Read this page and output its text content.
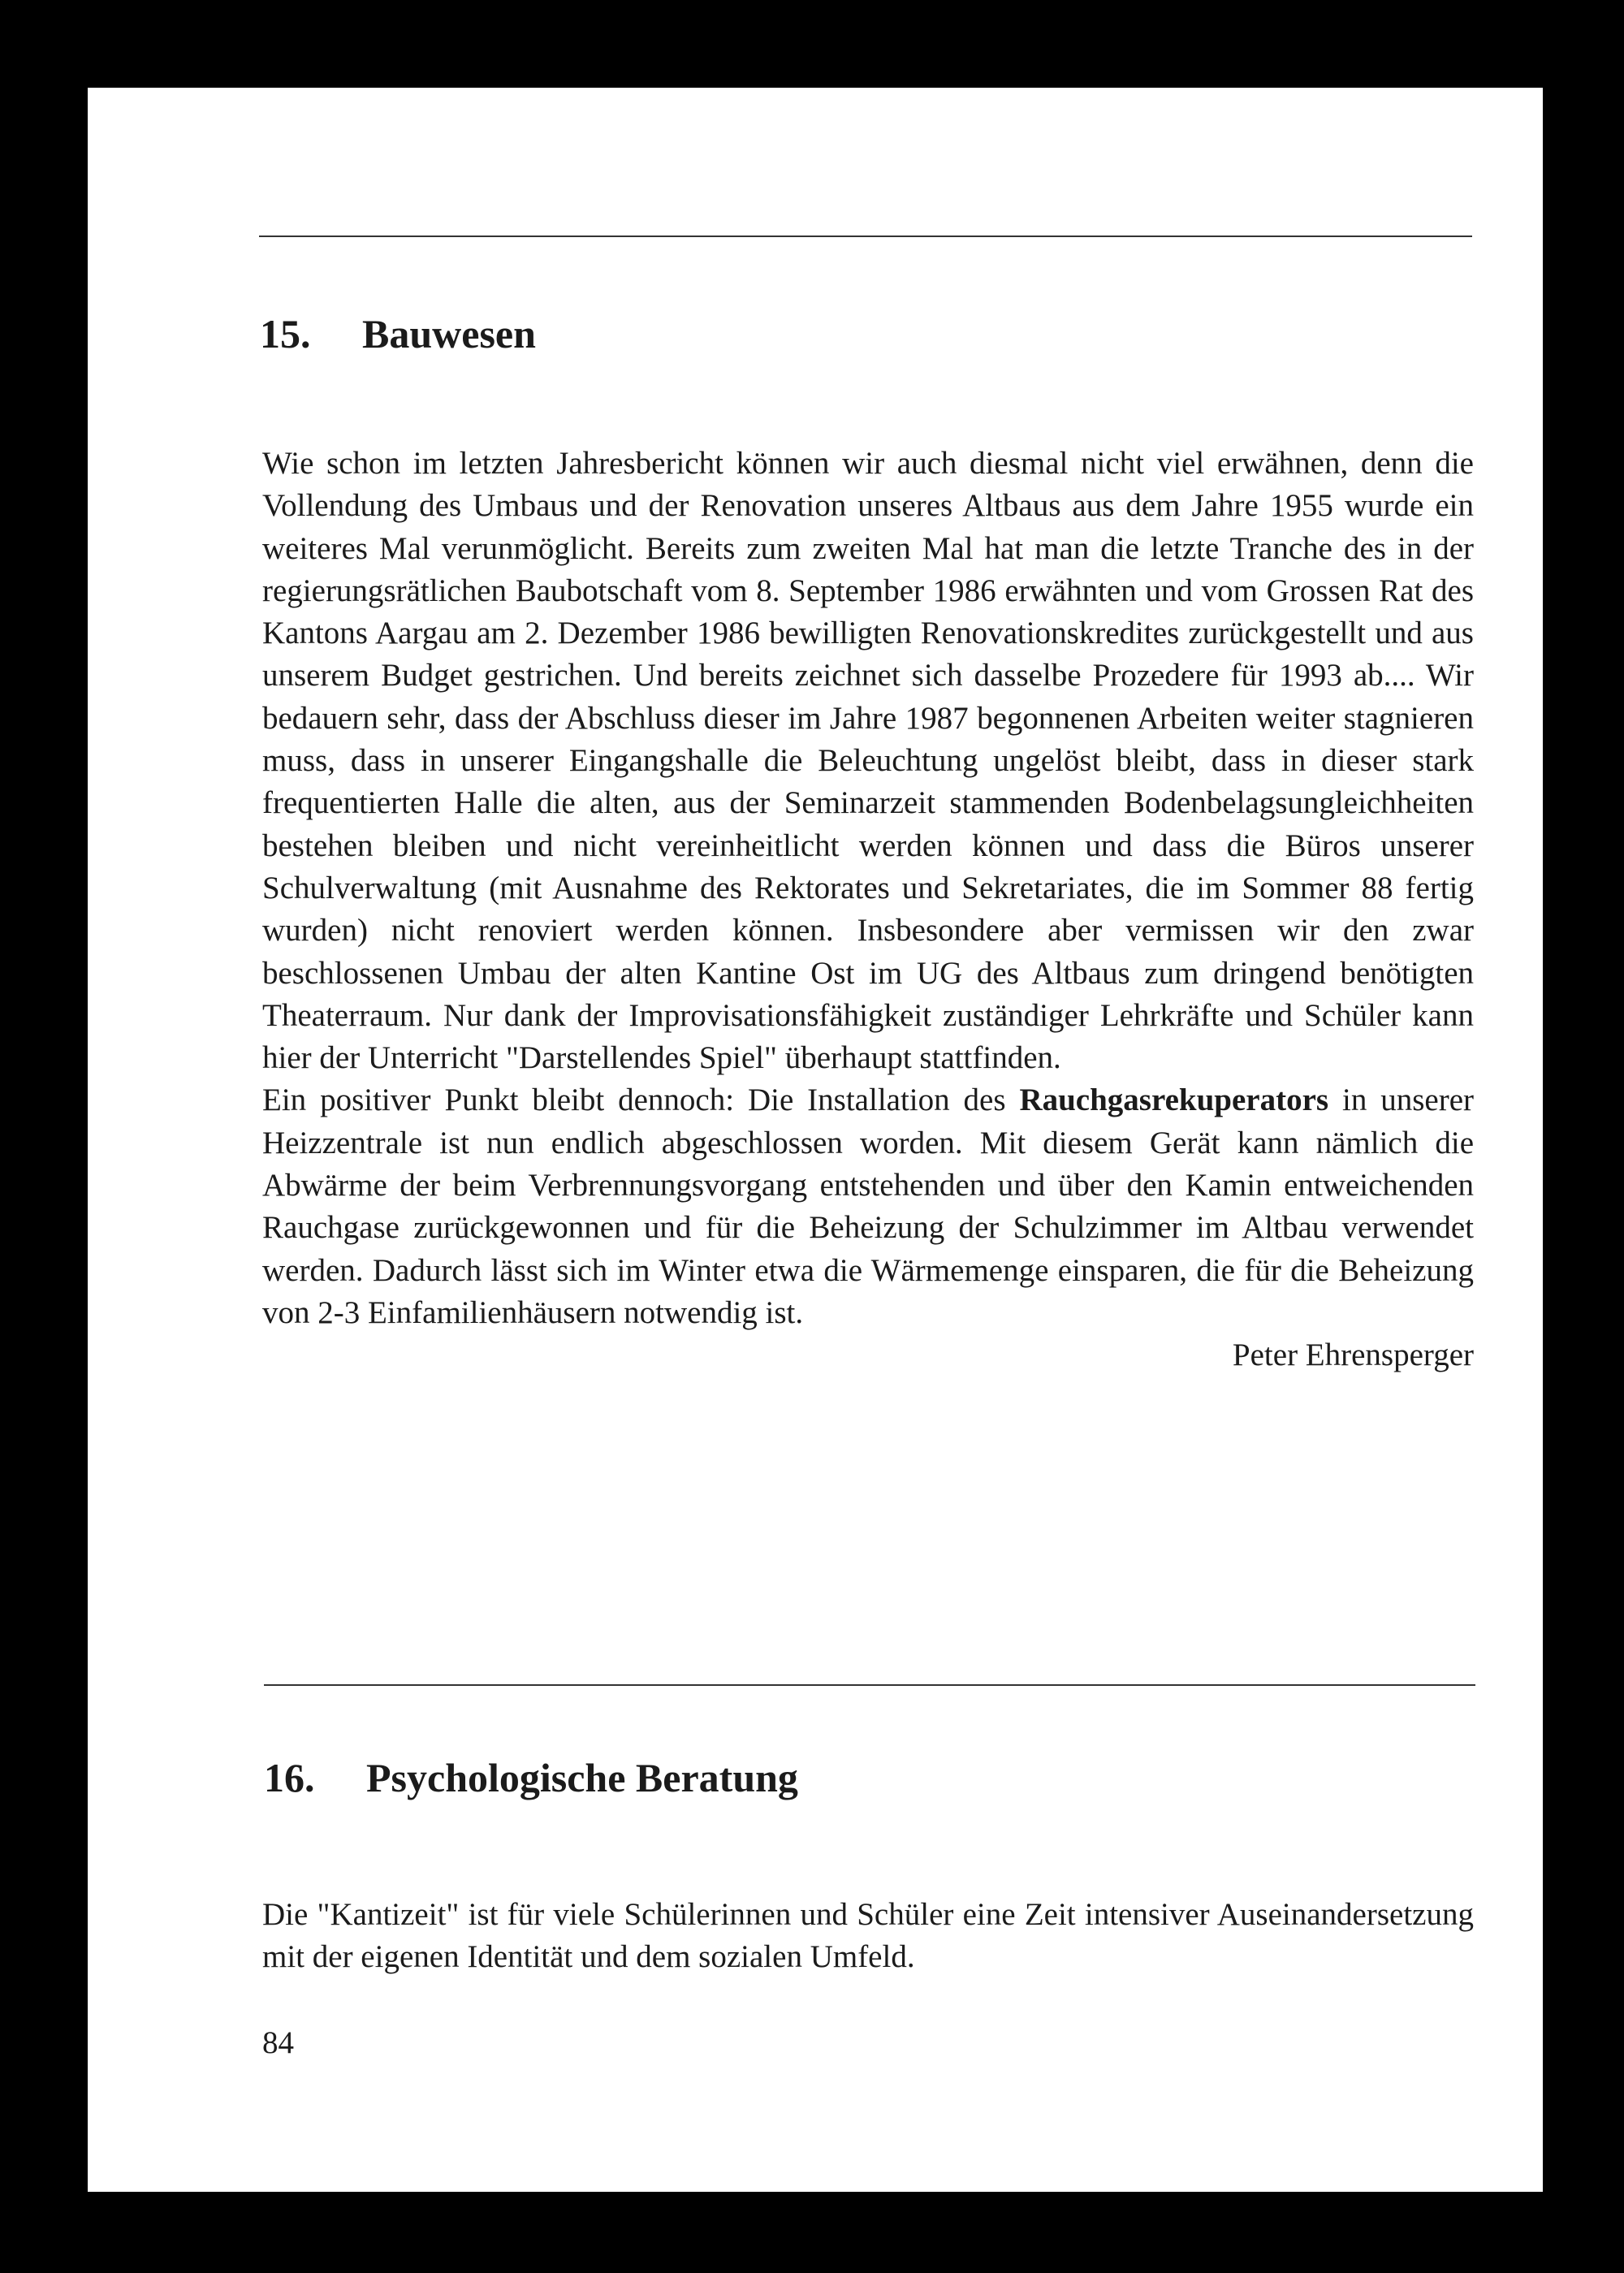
15. Bauwesen

Wie schon im letzten Jahresbericht können wir auch diesmal nicht viel erwähnen, denn die Vollendung des Umbaus und der Renovation unseres Altbaus aus dem Jahre 1955 wurde ein weiteres Mal verunmöglicht. Bereits zum zweiten Mal hat man die letzte Tranche des in der regierungsrätlichen Baubotschaft vom 8. September 1986 erwähnten und vom Grossen Rat des Kantons Aargau am 2. Dezember 1986 bewilligten Renovationskredites zurückgestellt und aus unserem Budget gestrichen. Und bereits zeichnet sich dasselbe Prozedere für 1993 ab.... Wir bedauern sehr, dass der Abschluss dieser im Jahre 1987 begonnenen Arbeiten weiter stagnieren muss, dass in unserer Eingangshalle die Beleuchtung ungelöst bleibt, dass in dieser stark frequentierten Halle die alten, aus der Seminarzeit stammenden Bodenbelagsungleichheiten bestehen bleiben und nicht vereinheitlicht werden können und dass die Büros unserer Schulverwaltung (mit Ausnahme des Rektorates und Sekretariates, die im Sommer 88 fertig wurden) nicht renoviert werden können. Insbesondere aber vermissen wir den zwar beschlossenen Umbau der alten Kantine Ost im UG des Altbaus zum dringend benötigten Theaterraum. Nur dank der Improvisationsfähigkeit zuständiger Lehrkräfte und Schüler kann hier der Unterricht "Darstellendes Spiel" überhaupt stattfinden.

Ein positiver Punkt bleibt dennoch: Die Installation des Rauchgasrekuperators in unserer Heizzentrale ist nun endlich abgeschlossen worden. Mit diesem Gerät kann nämlich die Abwärme der beim Verbrennungsvorgang entstehenden und über den Kamin entweichenden Rauchgase zurückgewonnen und für die Beheizung der Schulzimmer im Altbau verwendet werden. Dadurch lässt sich im Winter etwa die Wärmemenge einsparen, die für die Beheizung von 2-3 Einfamilienhäusern notwendig ist.

Peter Ehrensperger

16. Psychologische Beratung

Die "Kantizeit" ist für viele Schülerinnen und Schüler eine Zeit intensiver Auseinandersetzung mit der eigenen Identität und dem sozialen Umfeld.

84
